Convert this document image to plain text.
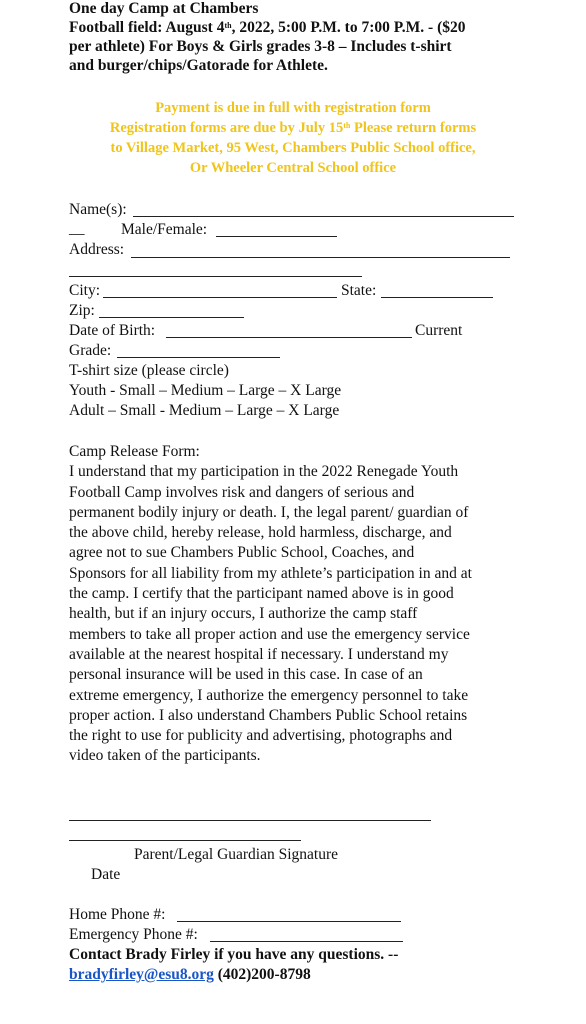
One day Camp at Chambers
Football field: August 4th, 2022, 5:00 P.M. to 7:00 P.M. - ($20
per athlete) For Boys & Girls grades 3-8 – Includes t-shirt
and burger/chips/Gatorade for Athlete.
Payment is due in full with registration form
Registration forms are due by July 15th Please return forms
to Village Market, 95 West, Chambers Public School office,
Or Wheeler Central School office
Name(s):
__ Male/Female:
Address:
City:	State:
Zip:
Date of Birth:	Current
Grade:
T-shirt size (please circle)
Youth - Small – Medium – Large – X Large
Adult – Small - Medium – Large – X Large
Camp Release Form:
I understand that my participation in the 2022 Renegade Youth
Football Camp involves risk and dangers of serious and
permanent bodily injury or death. I, the legal parent/ guardian of
the above child, hereby release, hold harmless, discharge, and
agree not to sue Chambers Public School, Coaches, and
Sponsors for all liability from my athlete’s participation in and at
the camp. I certify that the participant named above is in good
health, but if an injury occurs, I authorize the camp staff
members to take all proper action and use the emergency service
available at the nearest hospital if necessary. I understand my
personal insurance will be used in this case. In case of an
extreme emergency, I authorize the emergency personnel to take
proper action. I also understand Chambers Public School retains
the right to use for publicity and advertising, photographs and
video taken of the participants.
Parent/Legal Guardian Signature
Date
Home Phone #:
Emergency Phone #:
Contact Brady Firley if you have any questions. --
bradyfirley@esu8.org (402)200-8798
